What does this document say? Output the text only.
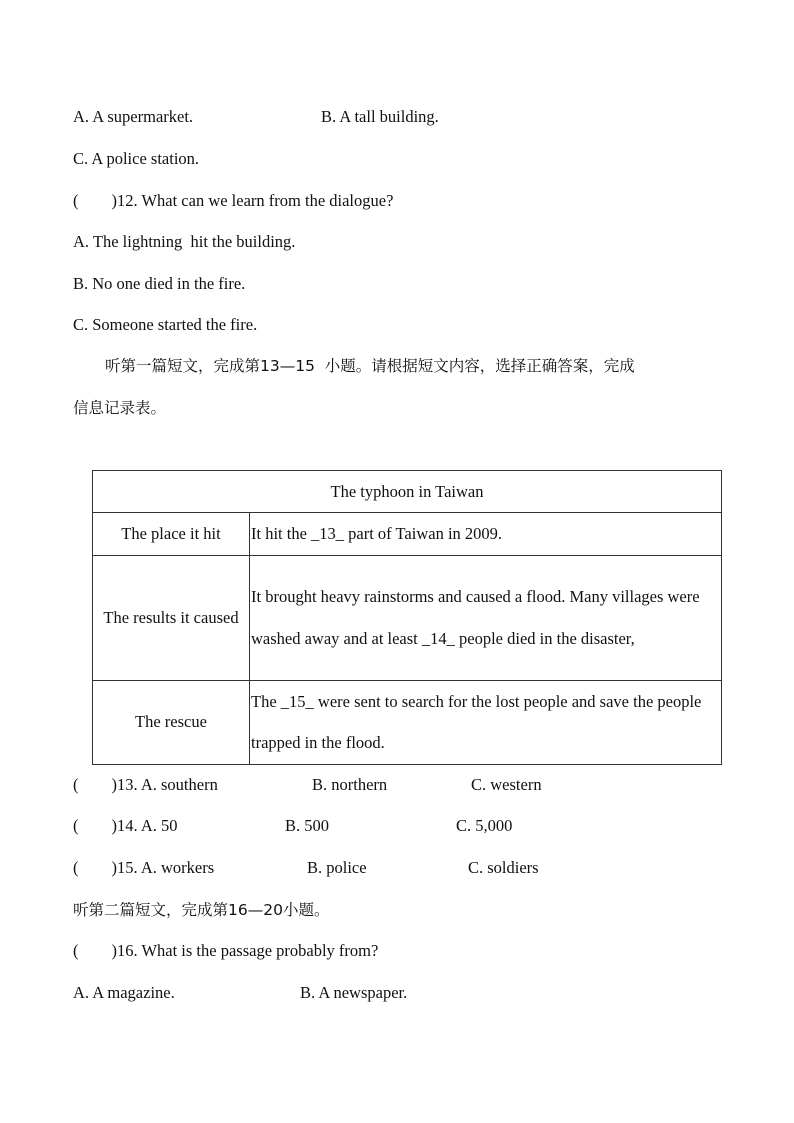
A. A supermarket.	B. A tall building.
C. A police station.
(        )12. What can we learn from the dialogue?
A. The lightning  hit the building.
B. No one died in the fire.
C. Someone started the fire.
听第一篇短文，完成第13—15  小题。请根据短文内容，选择正确答案，完成
信息记录表。
The typhoon in Taiwan	
The place it hit	It hit the _13_ part of Taiwan in 2009.
The results it caused	It brought heavy rainstorms and caused a flood. Many villages were washed away and at least _14_ people died in the disaster,
The rescue	The _15_ were sent to search for the lost people and save the people trapped in the flood.
(        )13. A. southern	B. northern	C. western
(        )14. A. 50	B. 500	C. 5,000
(        )15. A. workers	B. police	C. soldiers
听第二篇短文，完成第16—20小题。
(        )16. What is the passage probably from?
A. A magazine.	B. A newspaper.
